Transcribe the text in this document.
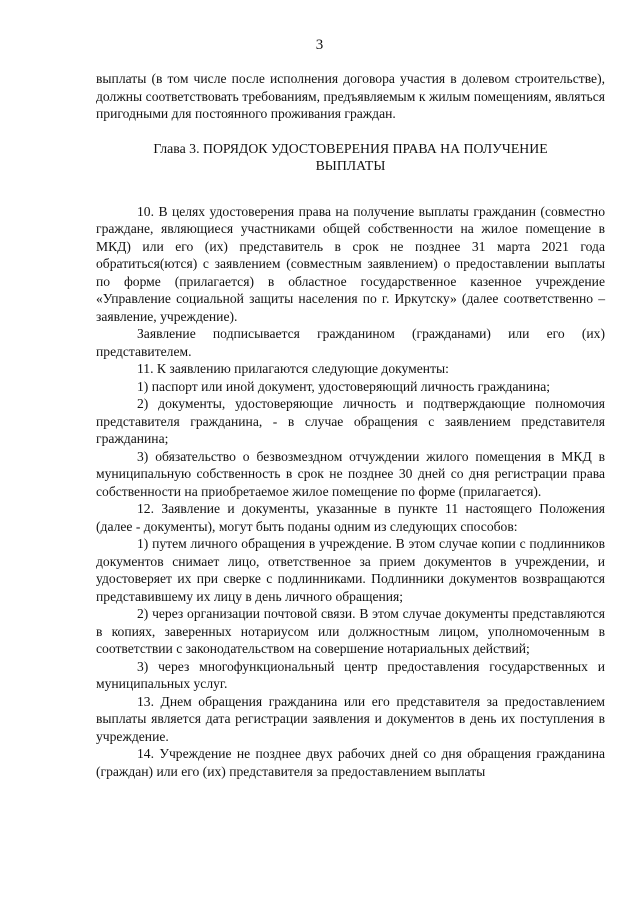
3

выплаты (в том числе после исполнения договора участия в долевом строительстве), должны соответствовать требованиям, предъявляемым к жилым помещениям, являться пригодными для постоянного проживания граждан.

Глава 3. ПОРЯДОК УДОСТОВЕРЕНИЯ ПРАВА НА ПОЛУЧЕНИЕ ВЫПЛАТЫ

10. В целях удостоверения права на получение выплаты гражданин (совместно граждане, являющиеся участниками общей собственности на жилое помещение в МКД) или его (их) представитель в срок не позднее 31 марта 2021 года обратиться(ются) с заявлением (совместным заявлением) о предоставлении выплаты по форме (прилагается) в областное государственное казенное учреждение «Управление социальной защиты населения по г. Иркутску» (далее соответственно – заявление, учреждение).

Заявление подписывается гражданином (гражданами) или его (их) представителем.

11. К заявлению прилагаются следующие документы:

1) паспорт или иной документ, удостоверяющий личность гражданина;

2) документы, удостоверяющие личность и подтверждающие полномочия представителя гражданина, - в случае обращения с заявлением представителя гражданина;

3) обязательство о безвозмездном отчуждении жилого помещения в МКД в муниципальную собственность в срок не позднее 30 дней со дня регистрации права собственности на приобретаемое жилое помещение по форме (прилагается).

12. Заявление и документы, указанные в пункте 11 настоящего Положения (далее - документы), могут быть поданы одним из следующих способов:

1) путем личного обращения в учреждение. В этом случае копии с подлинников документов снимает лицо, ответственное за прием документов в учреждении, и удостоверяет их при сверке с подлинниками. Подлинники документов возвращаются представившему их лицу в день личного обращения;

2) через организации почтовой связи. В этом случае документы представляются в копиях, заверенных нотариусом или должностным лицом, уполномоченным в соответствии с законодательством на совершение нотариальных действий;

3) через многофункциональный центр предоставления государственных и муниципальных услуг.

13. Днем обращения гражданина или его представителя за предоставлением выплаты является дата регистрации заявления и документов в день их поступления в учреждение.

14. Учреждение не позднее двух рабочих дней со дня обращения гражданина (граждан) или его (их) представителя за предоставлением выплаты
